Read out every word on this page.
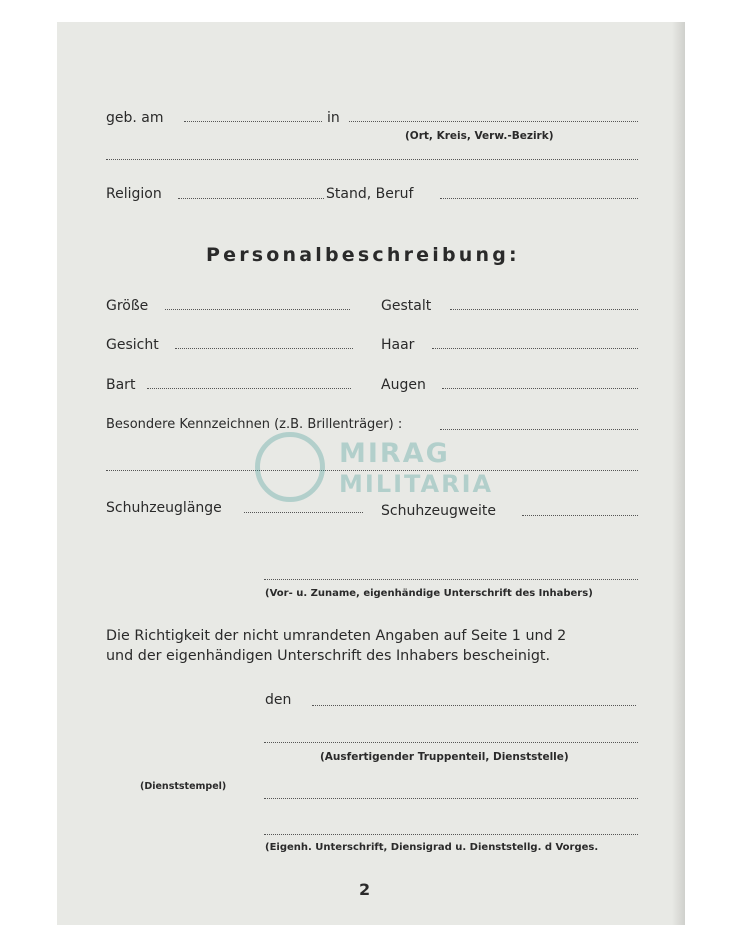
geb. am	in
(Ort, Kreis, Verw.-Bezirk)
Religion	Stand, Beruf
Personalbeschreibung:
Größe	Gestalt
Gesicht	Haar
Bart	Augen
Besondere Kennzeichnen (z.B. Brillenträger) :
MIRAG
MILITARIA
Schuhzeuglänge	Schuhzeugweite
(Vor- u. Zuname, eigenhändige Unterschrift des Inhabers)
Die Richtigkeit der nicht umrandeten Angaben auf Seite 1 und 2
und der eigenhändigen Unterschrift des Inhabers bescheinigt.
den
(Ausfertigender Truppenteil, Dienststelle)
(Dienststempel)
(Eigenh. Unterschrift, Diensigrad u. Dienststellg. d Vorges.
2
